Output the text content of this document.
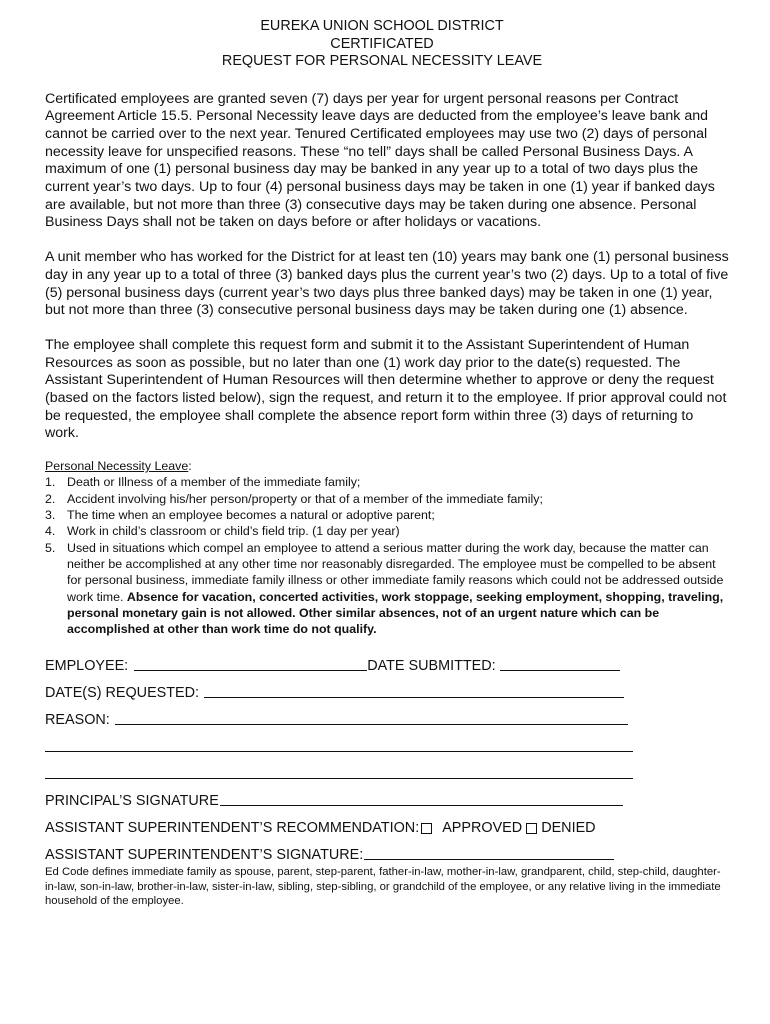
EUREKA UNION SCHOOL DISTRICT
CERTIFICATED
REQUEST FOR PERSONAL NECESSITY LEAVE

Certificated employees are granted seven (7) days per year for urgent personal reasons per Contract Agreement Article 15.5. Personal Necessity leave days are deducted from the employee’s leave bank and cannot be carried over to the next year. Tenured Certificated employees may use two (2) days of personal necessity leave for unspecified reasons. These “no tell” days shall be called Personal Business Days. A maximum of one (1) personal business day may be banked in any year up to a total of two days plus the current year’s two days. Up to four (4) personal business days may be taken in one (1) year if banked days are available, but not more than three (3) consecutive days may be taken during one absence. Personal Business Days shall not be taken on days before or after holidays or vacations.

A unit member who has worked for the District for at least ten (10) years may bank one (1) personal business day in any year up to a total of three (3) banked days plus the current year’s two (2) days. Up to a total of five (5) personal business days (current year’s two days plus three banked days) may be taken in one (1) year, but not more than three (3) consecutive personal business days may be taken during one (1) absence.

The employee shall complete this request form and submit it to the Assistant Superintendent of Human Resources as soon as possible, but no later than one (1) work day prior to the date(s) requested. The Assistant Superintendent of Human Resources will then determine whether to approve or deny the request (based on the factors listed below), sign the request, and return it to the employee. If prior approval could not be requested, the employee shall complete the absence report form within three (3) days of returning to work.

Personal Necessity Leave:
1. Death or Illness of a member of the immediate family;
2. Accident involving his/her person/property or that of a member of the immediate family;
3. The time when an employee becomes a natural or adoptive parent;
4. Work in child’s classroom or child’s field trip. (1 day per year)
5. Used in situations which compel an employee to attend a serious matter during the work day, because the matter can neither be accomplished at any other time nor reasonably disregarded. The employee must be compelled to be absent for personal business, immediate family illness or other immediate family reasons which could not be addressed outside work time. Absence for vacation, concerted activities, work stoppage, seeking employment, shopping, traveling, personal monetary gain is not allowed. Other similar absences, not of an urgent nature which can be accomplished at other than work time do not qualify.
EMPLOYEE:	DATE SUBMITTED:
DATE(S) REQUESTED:
REASON:
PRINCIPAL’S SIGNATURE
ASSISTANT SUPERINTENDENT’S RECOMMENDATION: APPROVED DENIED
ASSISTANT SUPERINTENDENT’S SIGNATURE:
Ed Code defines immediate family as spouse, parent, step-parent, father-in-law, mother-in-law, grandparent, child, step-child, daughter-in-law, son-in-law, brother-in-law, sister-in-law, sibling, step-sibling, or grandchild of the employee, or any relative living in the immediate household of the employee.
